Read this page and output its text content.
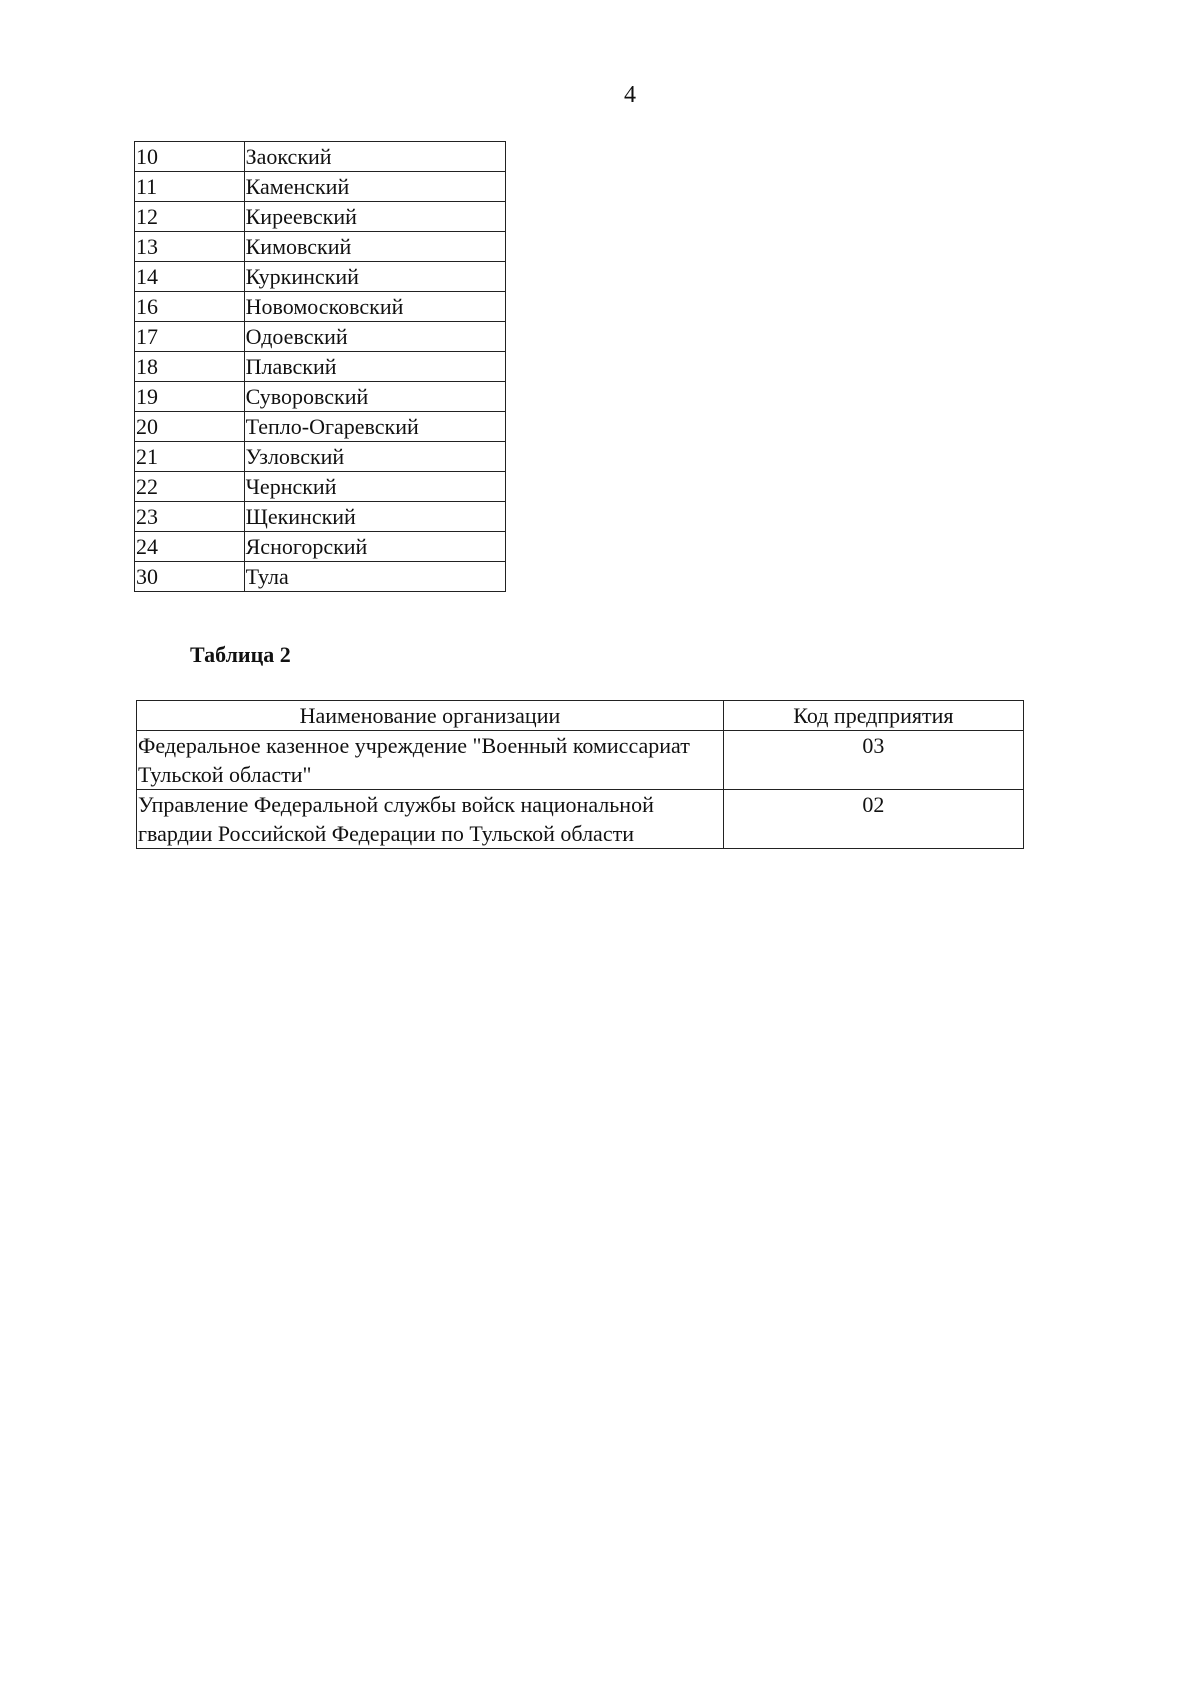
4
10	Заокский
11	Каменский
12	Киреевский
13	Кимовский
14	Куркинский
16	Новомосковский
17	Одоевский
18	Плавский
19	Суворовский
20	Тепло-Огаревский
21	Узловский
22	Чернский
23	Щекинский
24	Ясногорский
30	Тула
Таблица 2
Наименование организации	Код предприятия
Федеральное казенное учреждение "Военный комиссариат Тульской области"	03
Управление Федеральной службы войск национальной гвардии Российской Федерации по Тульской области	02
